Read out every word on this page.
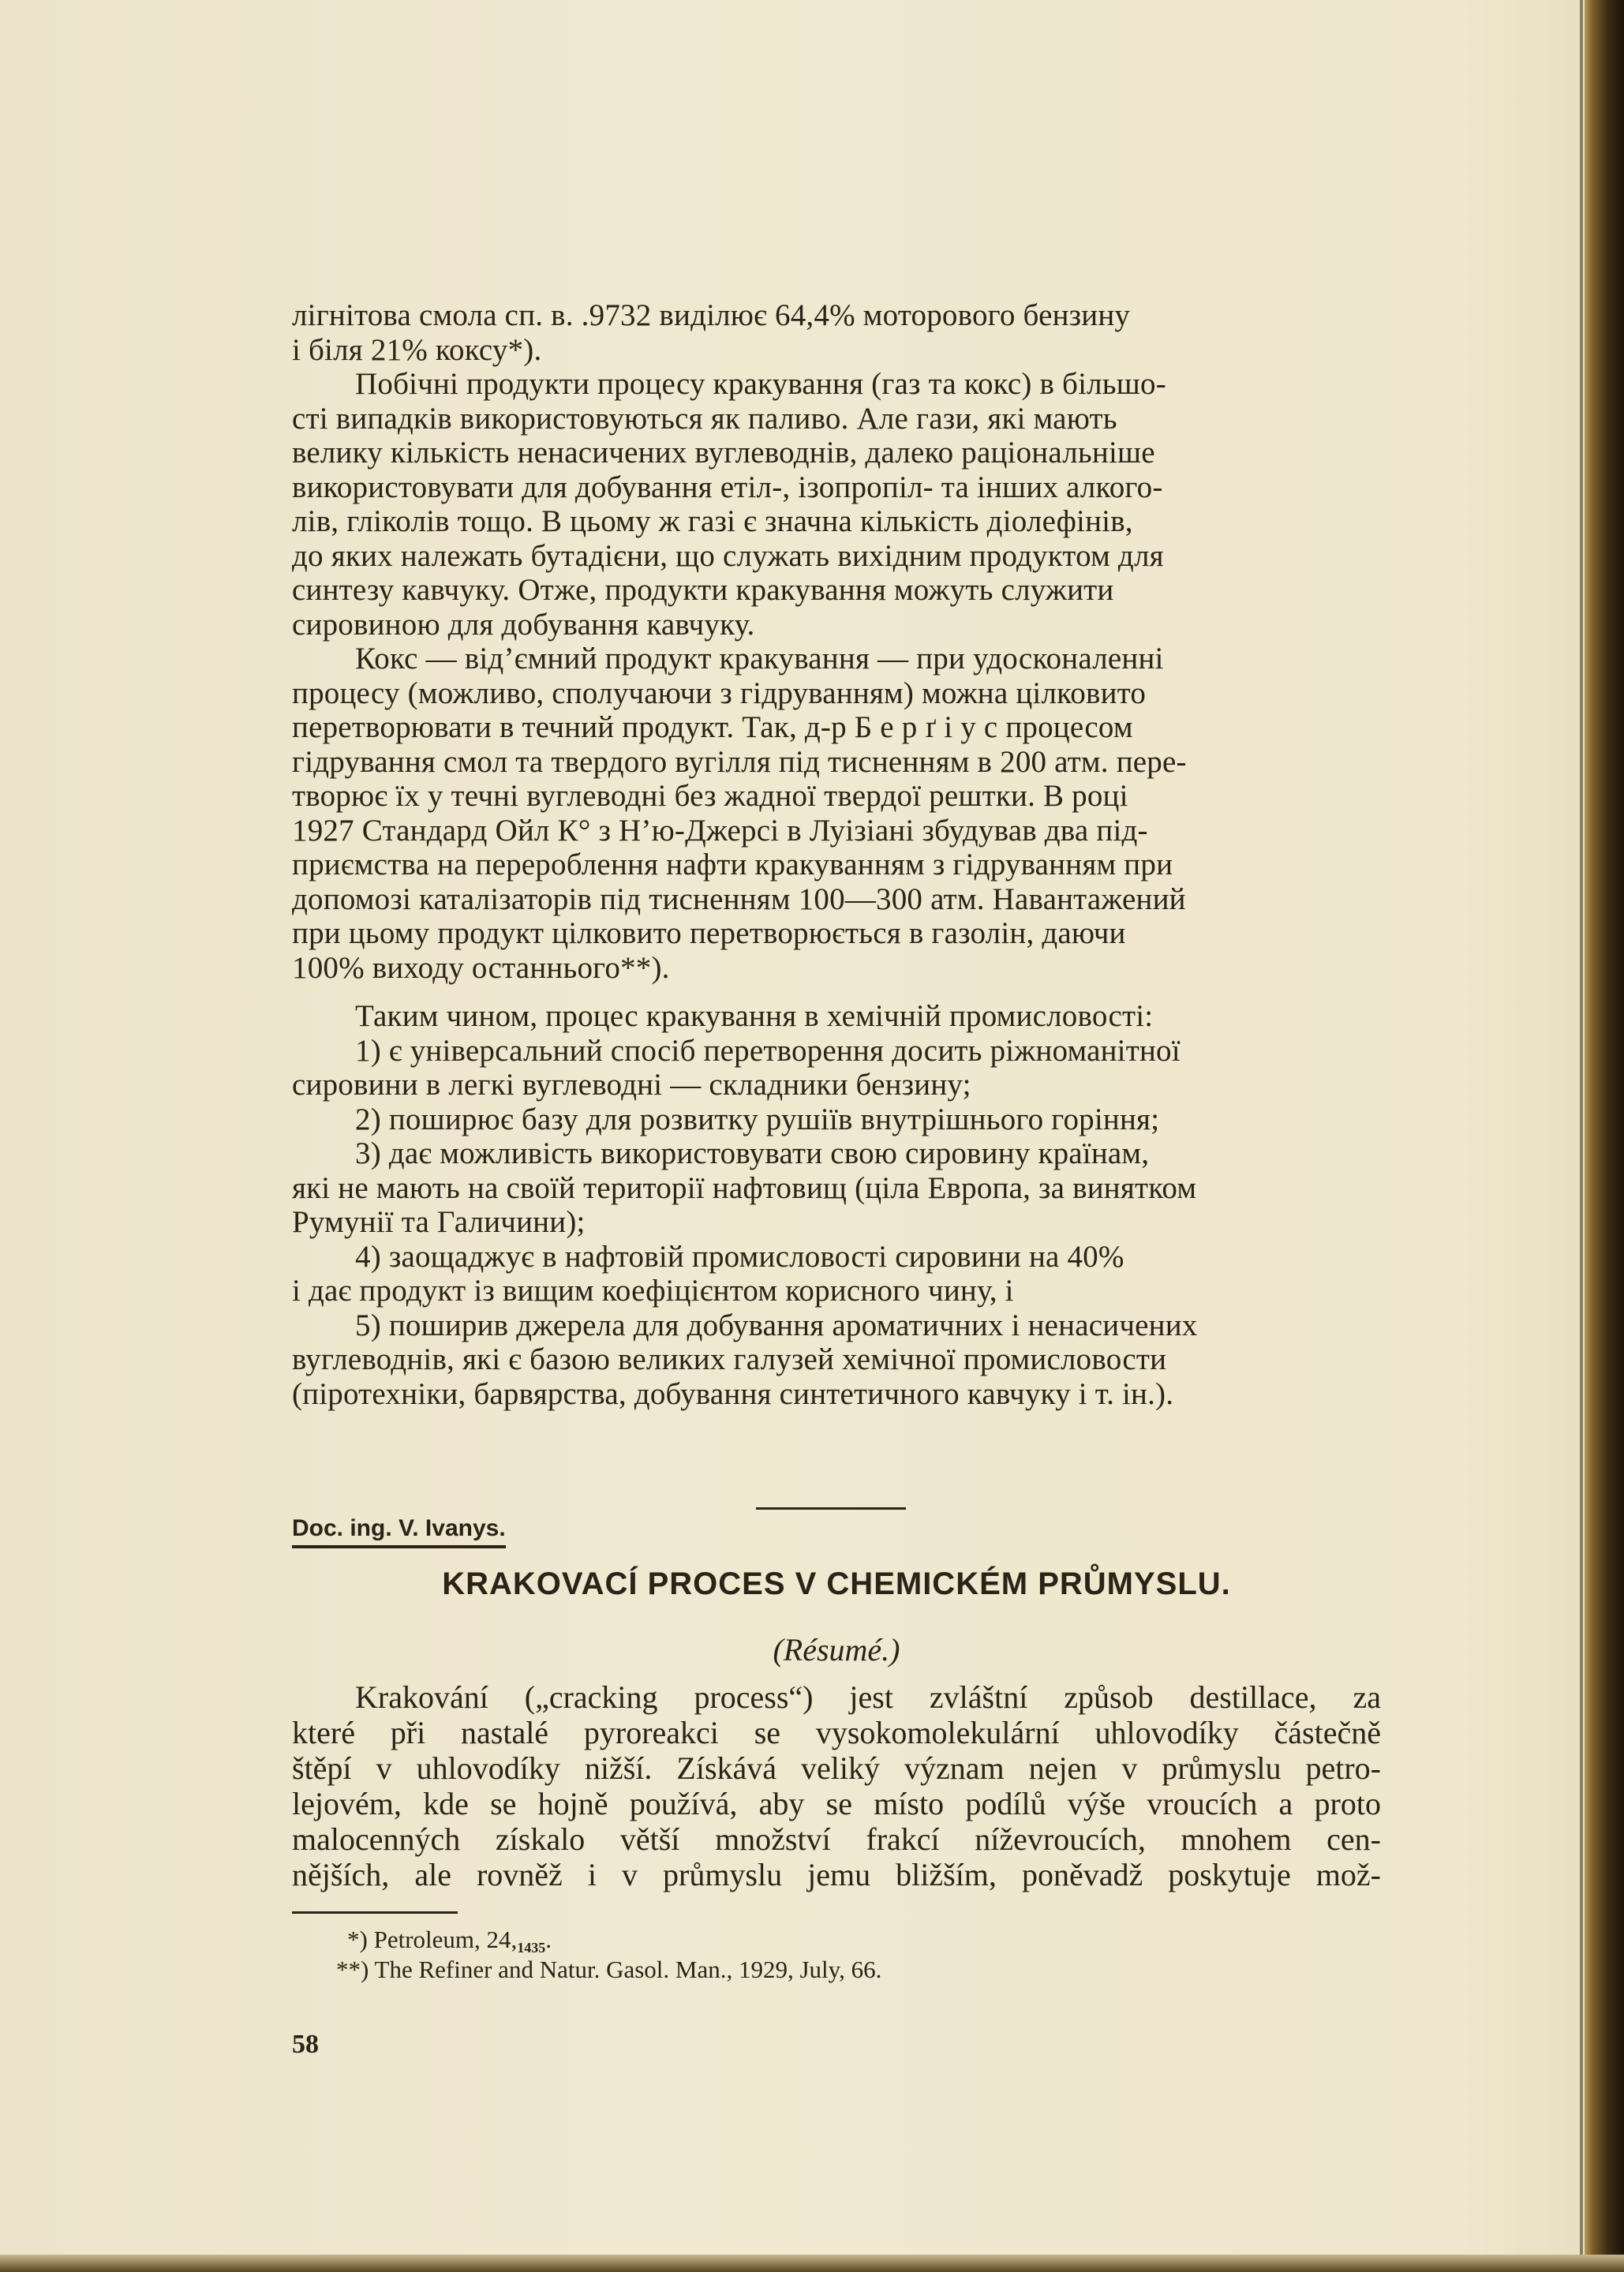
лігнітова смола сп. в. .9732 виділює 64,4% моторового бензину
і біля 21% коксу*).

Побічні продукти процесу кракування (газ та кокс) в більшо-
сті випадків використовуються як паливо. Але гази, які мають
велику кількість ненасичених вуглеводнів, далеко раціональніше
використовувати для добування етіл-, ізопропіл- та інших алкого-
лів, гліколів тощо. В цьому ж газі є значна кількість діолефінів,
до яких належать бутадієни, що служать вихідним продуктом для
синтезу кавчуку. Отже, продукти кракування можуть служити
сировиною для добування кавчуку.

Кокс — від’ємний продукт кракування — при удосконаленні
процесу (можливо, сполучаючи з гідруванням) можна цілковито
перетворювати в течний продукт. Так, д-р Б е р ґ і у с процесом
гідрування смол та твердого вугілля під тисненням в 200 атм. пере-
творює їх у течні вуглеводні без жадної твердої рештки. В році
1927 Стандард Ойл К° з Н’ю-Джерсі в Луізіані збудував два під-
приємства на перероблення нафти кракуванням з гідруванням при
допомозі каталізаторів під тисненням 100—300 атм. Навантажений
при цьому продукт цілковито перетворюється в газолін, даючи
100% виходу останнього**).

Таким чином, процес кракування в хемічній промисловості:

1) є універсальний спосіб перетворення досить ріжноманітної
сировини в легкі вуглеводні — складники бензину;

2) поширює базу для розвитку рушіїв внутрішнього горіння;

3) дає можливість використовувати свою сировину країнам,
які не мають на своїй території нафтовищ (ціла Европа, за винятком
Румунії та Галичини);

4) заощаджує в нафтовій промисловості сировини на 40%
і дає продукт із вищим коефіцієнтом корисного чину, і

5) поширив джерела для добування ароматичних і ненасичених
вуглеводнів, які є базою великих галузей хемічної промисловости
(піротехніки, барвярства, добування синтетичного кавчуку і т. ін.).

Doc. ing. V. Ivanys.
KRAKOVACÍ PROCES V CHEMICKÉM PRŮMYSLU.
(Résumé.)

Krakování („cracking process“) jest zvláštní způsob destillace, za
které při nastalé pyroreakci se vysokomolekulární uhlovodíky částečně
štěpí v uhlovodíky nižší. Získává veliký význam nejen v průmyslu petro-
lejovém, kde se hojně používá, aby se místo podílů výše vroucích a proto
malocenných získalo větší množství frakcí níževroucích, mnohem cen-
nějších, ale rovněž i v průmyslu jemu bližším, poněvadž poskytuje mož-

*) Petroleum, $24,_{1435}$.
**) The Refiner and Natur. Gasol. Man., 1929, July, 66.
58
